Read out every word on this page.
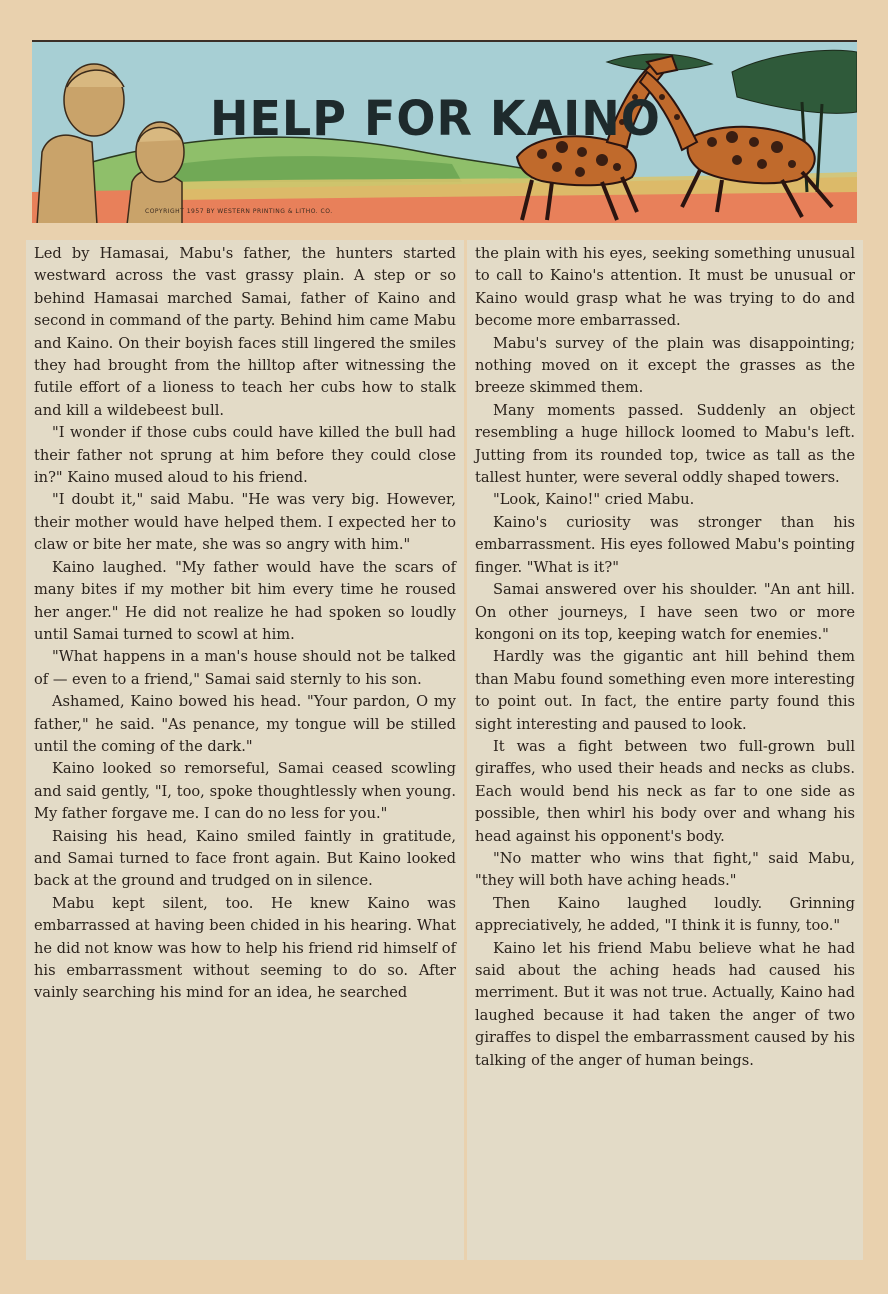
HELP FOR KAINO
COPYRIGHT 1957 BY WESTERN PRINTING & LITHO. CO.

Led by Hamasai, Mabu's father, the hunters started westward across the vast grassy plain. A step or so behind Hamasai marched Samai, father of Kaino and second in command of the party. Behind him came Mabu and Kaino. On their boyish faces still lingered the smiles they had brought from the hilltop after witnessing the futile effort of a lioness to teach her cubs how to stalk and kill a wildebeest bull.

"I wonder if those cubs could have killed the bull had their father not sprung at him before they could close in?" Kaino mused aloud to his friend.

"I doubt it," said Mabu. "He was very big. However, their mother would have helped them. I expected her to claw or bite her mate, she was so angry with him."

Kaino laughed. "My father would have the scars of many bites if my mother bit him every time he roused her anger." He did not realize he had spoken so loudly until Samai turned to scowl at him.

"What happens in a man's house should not be talked of — even to a friend," Samai said sternly to his son.

Ashamed, Kaino bowed his head. "Your pardon, O my father," he said. "As penance, my tongue will be stilled until the coming of the dark."

Kaino looked so remorseful, Samai ceased scowling and said gently, "I, too, spoke thoughtlessly when young. My father forgave me. I can do no less for you."

Raising his head, Kaino smiled faintly in gratitude, and Samai turned to face front again. But Kaino looked back at the ground and trudged on in silence.

Mabu kept silent, too. He knew Kaino was embarrassed at having been chided in his hearing. What he did not know was how to help his friend rid himself of his embarrassment without seeming to do so. After vainly searching his mind for an idea, he searched

the plain with his eyes, seeking something unusual to call to Kaino's attention. It must be unusual or Kaino would grasp what he was trying to do and become more embarrassed.

Mabu's survey of the plain was disappointing; nothing moved on it except the grasses as the breeze skimmed them.

Many moments passed. Suddenly an object resembling a huge hillock loomed to Mabu's left. Jutting from its rounded top, twice as tall as the tallest hunter, were several oddly shaped towers.

"Look, Kaino!" cried Mabu.

Kaino's curiosity was stronger than his embarrassment. His eyes followed Mabu's pointing finger. "What is it?"

Samai answered over his shoulder. "An ant hill. On other journeys, I have seen two or more kongoni on its top, keeping watch for enemies."

Hardly was the gigantic ant hill behind them than Mabu found something even more interesting to point out. In fact, the entire party found this sight interesting and paused to look.

It was a fight between two full-grown bull giraffes, who used their heads and necks as clubs. Each would bend his neck as far to one side as possible, then whirl his body over and whang his head against his opponent's body.

"No matter who wins that fight," said Mabu, "they will both have aching heads."

Then Kaino laughed loudly. Grinning appreciatively, he added, "I think it is funny, too."

Kaino let his friend Mabu believe what he had said about the aching heads had caused his merriment. But it was not true. Actually, Kaino had laughed because it had taken the anger of two giraffes to dispel the embarrassment caused by his talking of the anger of human beings.
